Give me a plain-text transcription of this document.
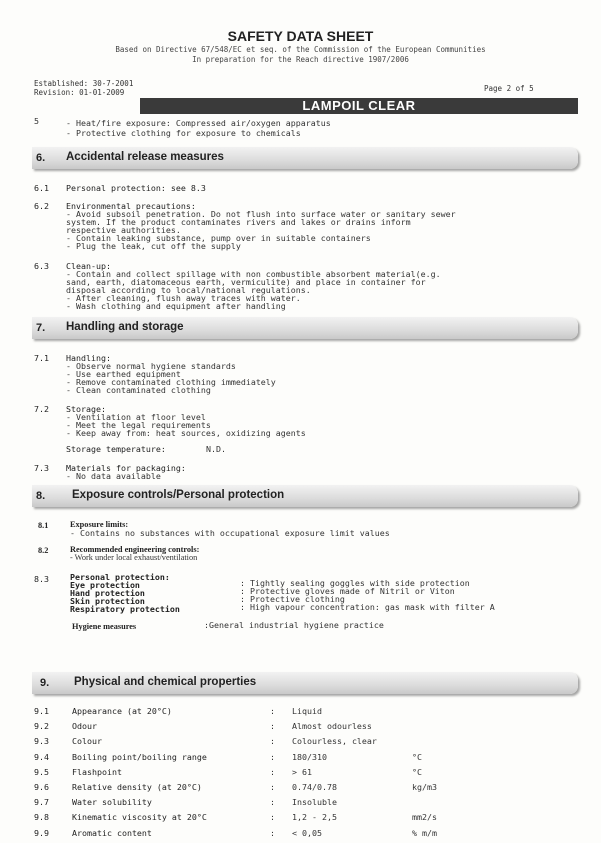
SAFETY DATA SHEET
Based on Directive 67/548/EC et seq. of the Commission of the European Communities
In preparation for the Reach directive 1907/2006
Established: 30-7-2001
Revision: 01-01-2009	Page 2 of 5
LAMPOIL CLEAR
5	- Heat/fire exposure: Compressed air/oxygen apparatus
- Protective clothing for exposure to chemicals
6. Accidental release measures
6.1 Personal protection: see 8.3
6.2 Environmental precautions:
- Avoid subsoil penetration. Do not flush into surface water or sanitary sewer
system. If the product contaminates rivers and lakes or drains inform
respective authorities.
- Contain leaking substance, pump over in suitable containers
- Plug the leak, cut off the supply
6.3 Clean-up:
- Contain and collect spillage with non combustible absorbent material(e.g.
sand, earth, diatomaceous earth, vermiculite) and place in container for
disposal according to local/national regulations.
- After cleaning, flush away traces with water.
- Wash clothing and equipment after handling
7. Handling and storage
7.1 Handling:
- Observe normal hygiene standards
- Use earthed equipment
- Remove contaminated clothing immediately
- Clean contaminated clothing
7.2 Storage:
- Ventilation at floor level
- Meet the legal requirements
- Keep away from: heat sources, oxidizing agents
Storage temperature:	N.D.
7.3 Materials for packaging:
- No data available
8. Exposure controls/Personal protection
8.1	Exposure limits:
- Contains no substances with occupational exposure limit values
8.2	Recommended engineering controls:
- Work under local exhaust/ventilation
8.3	Personal protection:
Eye protection	: Tightly sealing goggles with side protection
Hand protection	: Protective gloves made of Nitril or Viton
Skin protection	: Protective clothing
Respiratory protection	: High vapour concentration: gas mask with filter A
Hygiene measures	:General industrial hygiene practice
9. Physical and chemical properties
9.1	Appearance (at 20°C)	: Liquid
9.2	Odour	: Almost odourless
9.3	Colour	: Colourless, clear
9.4	Boiling point/boiling range	: 180/310	°C
9.5	Flashpoint	: > 61	°C
9.6	Relative density (at 20°C)	: 0.74/0.78	kg/m3
9.7	Water solubility	: Insoluble
9.8	Kinematic viscosity at 20°C	: 1,2 - 2,5	mm2/s
9.9	Aromatic content	: < 0,05	% m/m
